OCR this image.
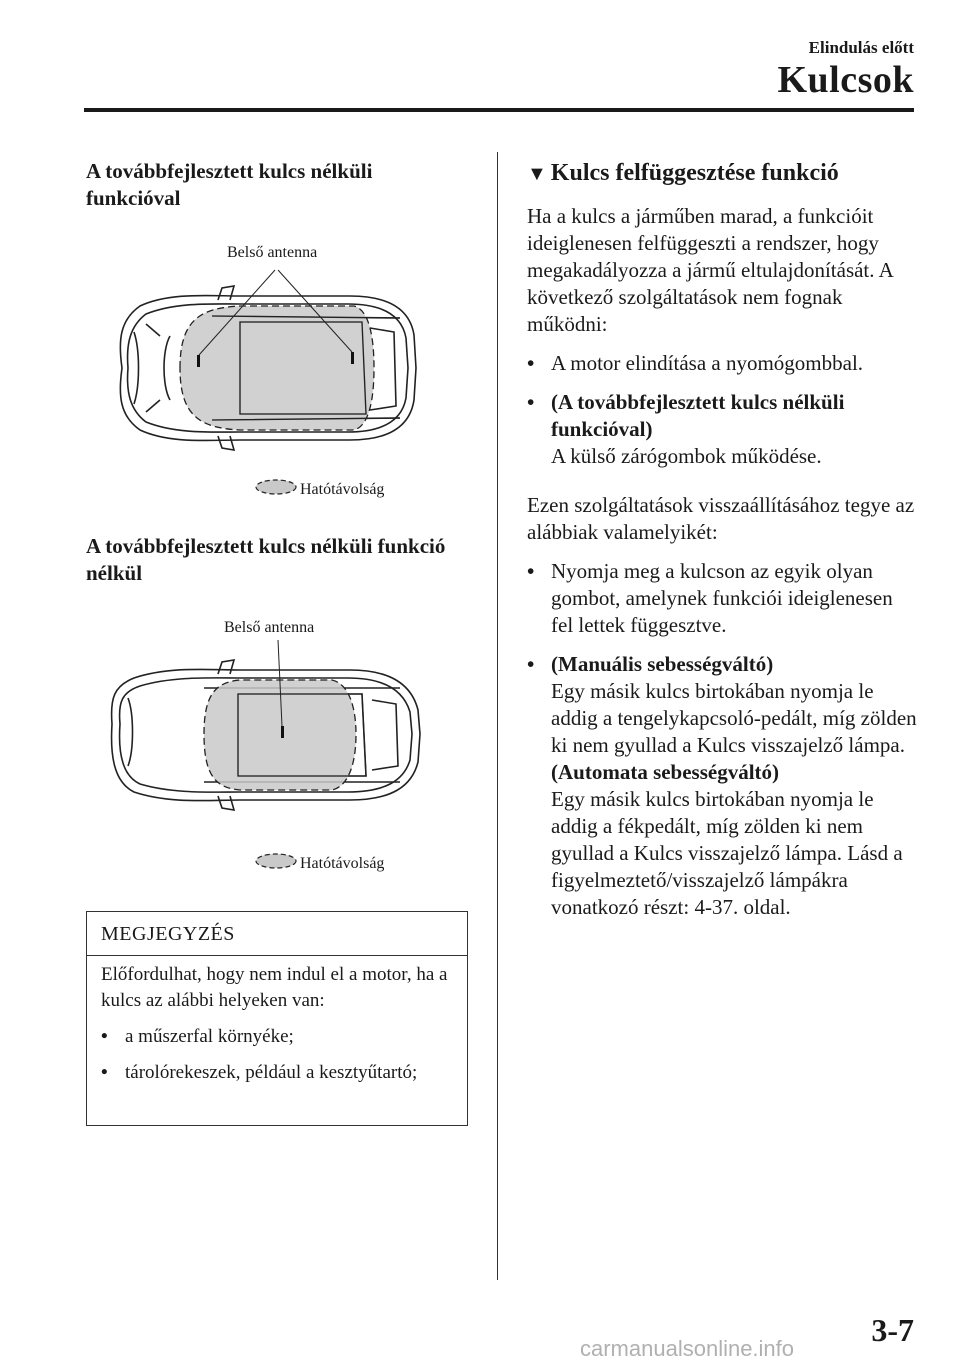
Elindulás előtt
Kulcsok
A továbbfejlesztett kulcs nélküli funkcióval
Belső antenna
Hatótávolság
A továbbfejlesztett kulcs nélküli funkció nélkül
Belső antenna
Hatótávolság
MEGJEGYZÉS

Előfordulhat, hogy nem indul el a motor, ha a kulcs az alábbi helyeken van:

• a műszerfal környéke;
• tárolórekeszek, például a kesztyűtartó;
▼ Kulcs felfüggesztése funkció

Ha a kulcs a járműben marad, a funkcióit ideiglenesen felfüggeszti a rendszer, hogy megakadályozza a jármű eltulajdonítását. A következő szolgáltatások nem fognak működni:

• A motor elindítása a nyomógombbal.
• (A továbbfejlesztett kulcs nélküli funkcióval)
A külső zárógombok működése.

Ezen szolgáltatások visszaállításához tegye az alábbiak valamelyikét:

• Nyomja meg a kulcson az egyik olyan gombot, amelynek funkciói ideiglenesen fel lettek függesztve.
• (Manuális sebességváltó)
Egy másik kulcs birtokában nyomja le addig a tengelykapcsoló-pedált, míg zölden ki nem gyullad a Kulcs visszajelző lámpa.
(Automata sebességváltó)
Egy másik kulcs birtokában nyomja le addig a fékpedált, míg zölden ki nem gyullad a Kulcs visszajelző lámpa. Lásd a figyelmeztető/visszajelző lámpákra vonatkozó részt: 4-37. oldal.
3-7
carmanualsonline.info
